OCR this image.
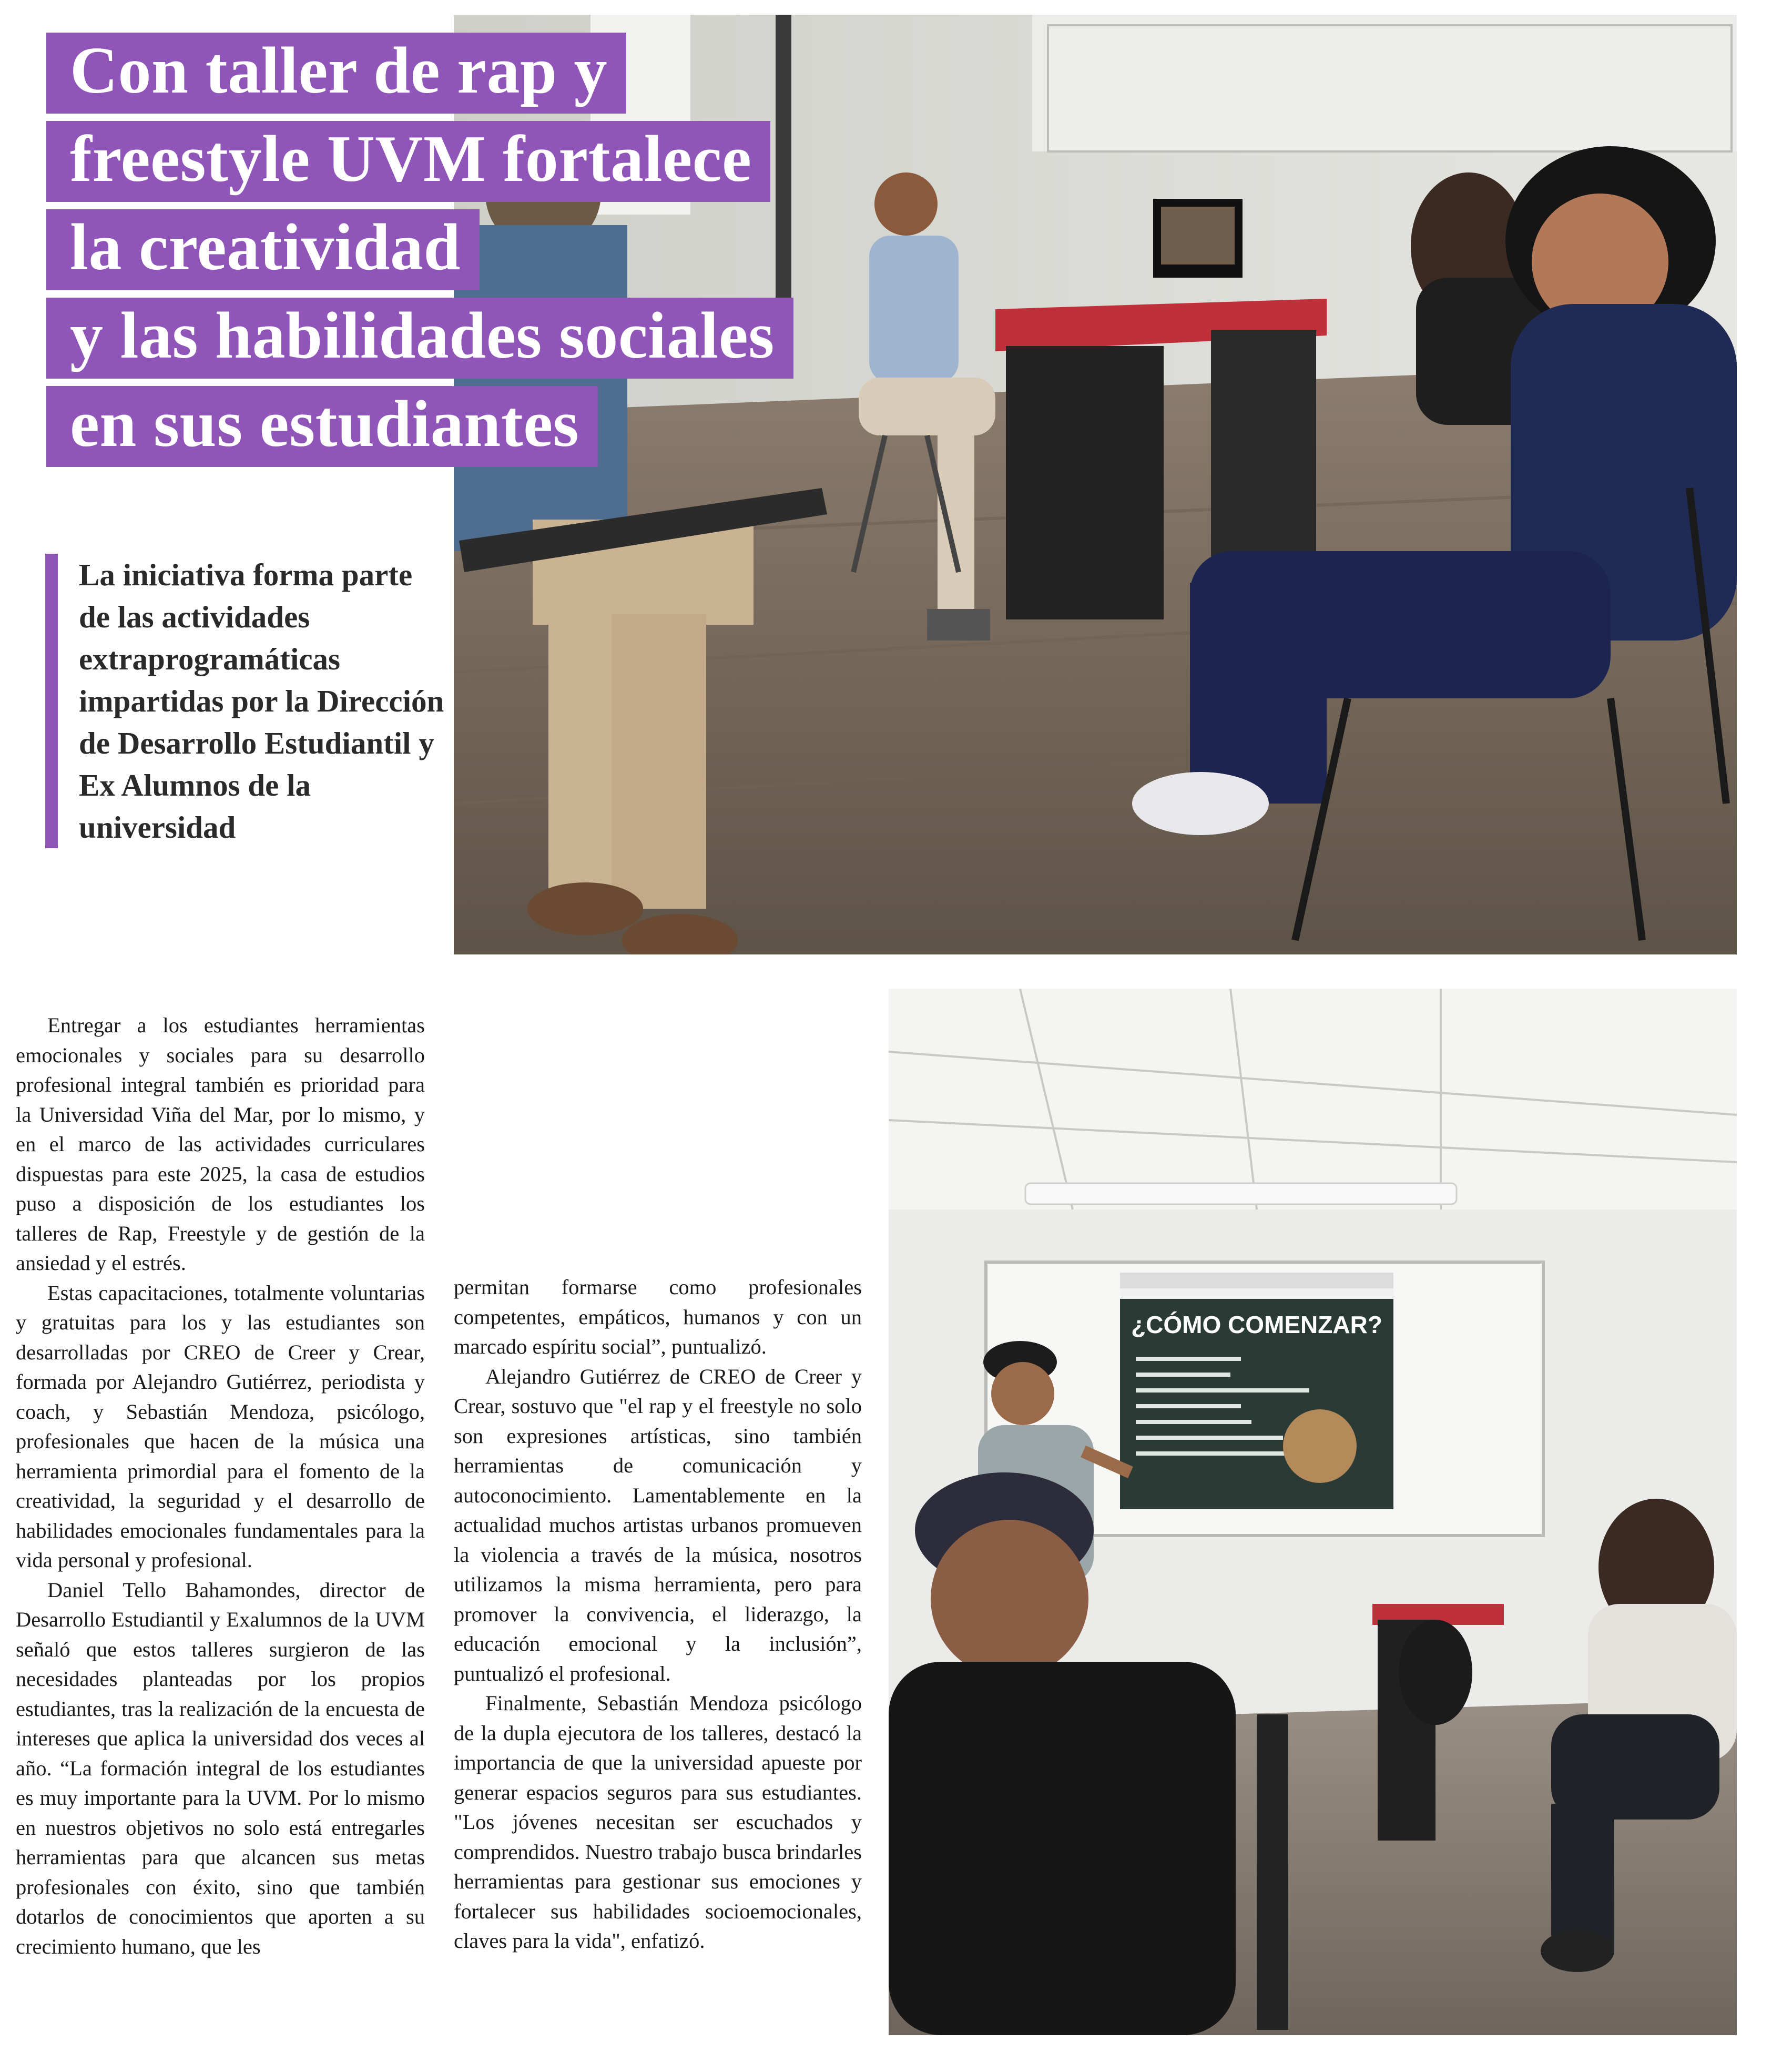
¿CÓMO COMENZAR?
Con taller de rap y
freestyle UVM fortalece
la creatividad
y las habilidades sociales
en sus estudiantes

La iniciativa forma parte de las actividades extraprogramáticas impartidas por la Dirección de Desarrollo Estudiantil y Ex Alumnos de la universidad

Entregar a los estudiantes herramientas emocionales y sociales para su desarrollo profesional integral también es prioridad para la Universidad Viña del Mar, por lo mismo, y en el marco de las actividades curriculares dispuestas para este 2025, la casa de estudios puso a disposición de los estudiantes los talleres de Rap, Freestyle y de gestión de la ansiedad y el estrés.

Estas capacitaciones, totalmente voluntarias y gratuitas para los y las estudiantes son desarrolladas por CREO de Creer y Crear, formada por Alejandro Gutiérrez, periodista y coach, y Sebastián Mendoza, psicólogo, profesionales que hacen de la música una herramienta primordial para el fomento de la creatividad, la seguridad y el desarrollo de habilidades emocionales fundamentales para la vida personal y profesional.

Daniel Tello Bahamondes, director de Desarrollo Estudiantil y Exalumnos de la UVM señaló que estos talleres surgieron de las necesidades planteadas por los propios estudiantes, tras la realización de la encuesta de intereses que aplica la universidad dos veces al año. “La formación integral de los estudiantes es muy importante para la UVM. Por lo mismo en nuestros objetivos no solo está entregarles herramientas para que alcancen sus metas profesionales con éxito, sino que también dotarlos de conocimientos que aporten a su crecimiento humano, que les

permitan formarse como profesionales competentes, empáticos, humanos y con un marcado espíritu social”, puntualizó.

Alejandro Gutiérrez de CREO de Creer y Crear, sostuvo que "el rap y el freestyle no solo son expresiones artísticas, sino también herramientas de comunicación y autoconocimiento. Lamentablemente en la actualidad muchos artistas urbanos promueven la violencia a través de la música, nosotros utilizamos la misma herramienta, pero para promover la convivencia, el liderazgo, la educación emocional y la inclusión”, puntualizó el profesional.

Finalmente, Sebastián Mendoza psicólogo de la dupla ejecutora de los talleres, destacó la importancia de que la universidad apueste por generar espacios seguros para sus estudiantes. "Los jóvenes necesitan ser escuchados y comprendidos. Nuestro trabajo busca brindarles herramientas para gestionar sus emociones y fortalecer sus habilidades socioemocionales, claves para la vida", enfatizó.
